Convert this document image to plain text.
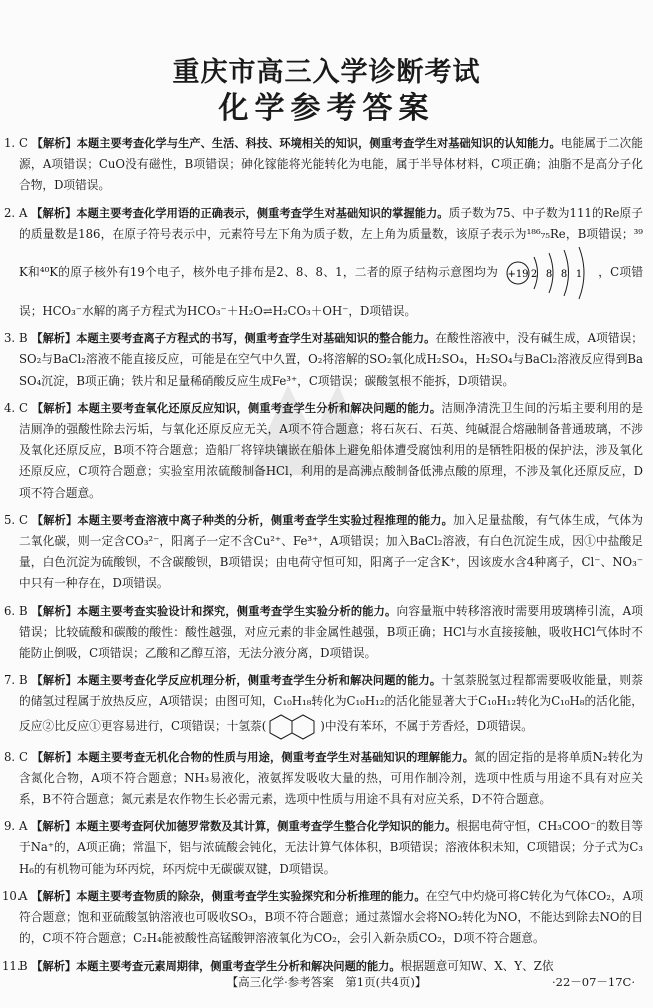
重庆市高三入学诊断考试
化学参考答案
1. C 【解析】本题主要考查化学与生产、生活、科技、环境相关的知识，侧重考查学生对基础知识的认知能力。电能属于二次能源，A项错误；CuO没有磁性，B项错误；砷化镓能将光能转化为电能，属于半导体材料，C项正确；油脂不是高分子化合物，D项错误。
2. A 【解析】本题主要考查化学用语的正确表示，侧重考查学生对基础知识的掌握能力。质子数为75、中子数为111的Re原子的质量数是186，在原子符号表示中，元素符号左下角为质子数，左上角为质量数，该原子表示为¹⁸⁶₇₅Re，B项错误；³⁹K和⁴⁰K的原子核外有19个电子，核外电子排布是2、8、8、1，二者的原子结构示意图均为 +19 2 8 8 1 ，C项错误；HCO₃⁻水解的离子方程式为HCO₃⁻＋H₂O⇌H₂CO₃＋OH⁻，D项错误。
3. B 【解析】本题主要考查离子方程式的书写，侧重考查学生对基础知识的整合能力。在酸性溶液中，没有碱生成，A项错误；SO₂与BaCl₂溶液不能直接反应，可能是在空气中久置，O₂将溶解的SO₂氧化成H₂SO₄，H₂SO₄与BaCl₂溶液反应得到BaSO₄沉淀，B项正确；铁片和足量稀硝酸反应生成Fe³⁺，C项错误；碳酸氢根不能拆，D项错误。
4. C 【解析】本题主要考查氧化还原反应知识，侧重考查学生分析和解决问题的能力。洁厕净清洗卫生间的污垢主要利用的是洁厕净的强酸性除去污垢，与氧化还原反应无关，A项不符合题意；将石灰石、石英、纯碱混合熔融制备普通玻璃，不涉及氧化还原反应，B项不符合题意；造船厂将锌块镶嵌在船体上避免船体遭受腐蚀利用的是牺牲阳极的保护法，涉及氧化还原反应，C项符合题意；实验室用浓硫酸制备HCl，利用的是高沸点酸制备低沸点酸的原理，不涉及氧化还原反应，D项不符合题意。
5. C 【解析】本题主要考查溶液中离子种类的分析，侧重考查学生实验过程推理的能力。加入足量盐酸，有气体生成，气体为二氧化碳，则一定含CO₃²⁻，阳离子一定不含Cu²⁺、Fe³⁺，A项错误；加入BaCl₂溶液，有白色沉淀生成，因①中盐酸足量，白色沉淀为硫酸钡，不含碳酸钡，B项错误；由电荷守恒可知，阳离子一定含K⁺，因该废水含4种离子，Cl⁻、NO₃⁻中只有一种存在，D项错误。
6. B 【解析】本题主要考查实验设计和探究，侧重考查学生实验分析的能力。向容量瓶中转移溶液时需要用玻璃棒引流，A项错误；比较硫酸和碳酸的酸性：酸性越强，对应元素的非金属性越强，B项正确；HCl与水直接接触，吸收HCl气体时不能防止倒吸，C项错误；乙酸和乙醇互溶，无法分液分离，D项错误。
7. B 【解析】本题主要考查化学反应机理分析，侧重考查学生分析和解决问题的能力。十氢萘脱氢过程都需要吸收能量，则萘的储氢过程属于放热反应，A项错误；由图可知，C₁₀H₁₈转化为C₁₀H₁₂的活化能显著大于C₁₀H₁₂转化为C₁₀H₈的活化能，反应②比反应①更容易进行，C项错误；十氢萘(	)中没有苯环，不属于芳香烃，D项错误。
8. C 【解析】本题主要考查无机化合物的性质与用途，侧重考查学生对基础知识的理解能力。氮的固定指的是将单质N₂转化为含氮化合物，A项不符合题意；NH₃易液化，液氨挥发吸收大量的热，可用作制冷剂，选项中性质与用途不具有对应关系，B不符合题意；氮元素是农作物生长必需元素，选项中性质与用途不具有对应关系，D不符合题意。
9. A 【解析】本题主要考查阿伏加德罗常数及其计算，侧重考查学生整合化学知识的能力。根据电荷守恒，CH₃COO⁻的数目等于Na⁺的，A项正确；常温下，铝与浓硫酸会钝化，无法计算气体体积，B项错误；溶液体积未知，C项错误；分子式为C₃H₆的有机物可能为环丙烷，环丙烷中无碳碳双键，D项错误。
10.
A 【解析】本题主要考查物质的除杂，侧重考查学生实验探究和分析推理的能力。在空气中灼烧可将C转化为气体CO₂，A项符合题意；饱和亚硫酸氢钠溶液也可吸收SO₃，B项不符合题意；通过蒸馏水会将NO₂转化为NO，不能达到除去NO的目的，C项不符合题意；C₂H₄能被酸性高锰酸钾溶液氧化为CO₂，会引入新杂质CO₂，D项不符合题意。
11.
B 【解析】本题主要考查元素周期律，侧重考查学生分析和解决问题的能力。根据题意可知W、X、Y、Z依
【高三化学·参考答案　第1页(共4页)】	·22－07－17C·
